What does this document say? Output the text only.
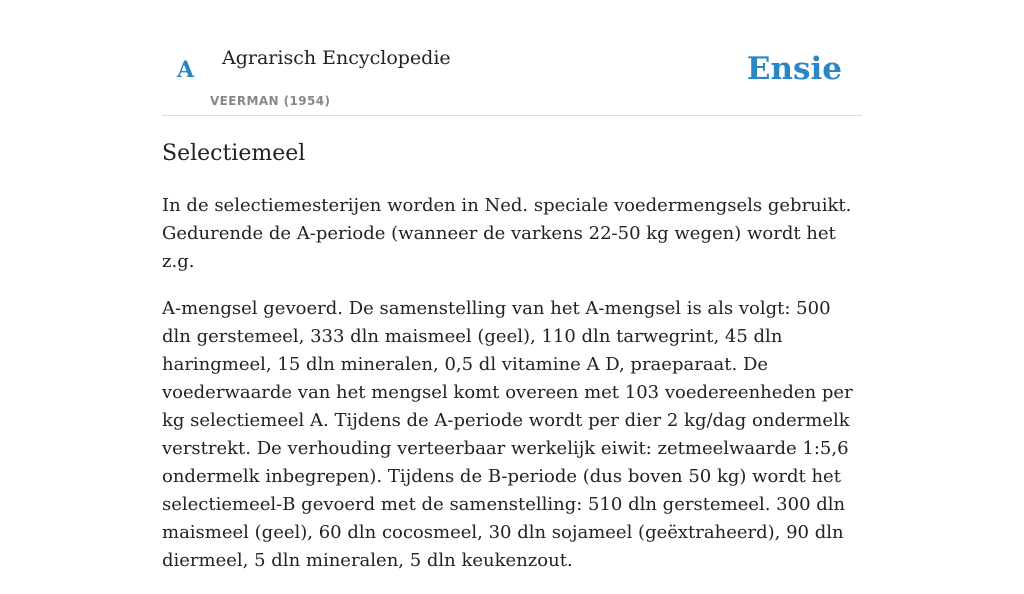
A Agrarisch Encyclopedie
VEERMAN (1954)
Ensie
Selectiemeel

In de selectiemesterijen worden in Ned. speciale voedermengsels gebruikt. Gedurende de A-periode (wanneer de varkens 22-50 kg wegen) wordt het z.g.

A-mengsel gevoerd. De samenstelling van het A-mengsel is als volgt: 500 dln gerstemeel, 333 dln maismeel (geel), 110 dln tarwegrint, 45 dln haringmeel, 15 dln mineralen, 0,5 dl vitamine A D, praeparaat. De voederwaarde van het mengsel komt overeen met 103 voedereenheden per kg selectiemeel A. Tijdens de A-periode wordt per dier 2 kg/dag ondermelk verstrekt. De verhouding verteerbaar werkelijk eiwit: zetmeelwaarde 1:5,6 ondermelk inbegrepen). Tijdens de B-periode (dus boven 50 kg) wordt het selectiemeel-B gevoerd met de samenstelling: 510 dln gerstemeel. 300 dln maismeel (geel), 60 dln cocosmeel, 30 dln sojameel (geëxtraheerd), 90 dln diermeel, 5 dln mineralen, 5 dln keukenzout.
